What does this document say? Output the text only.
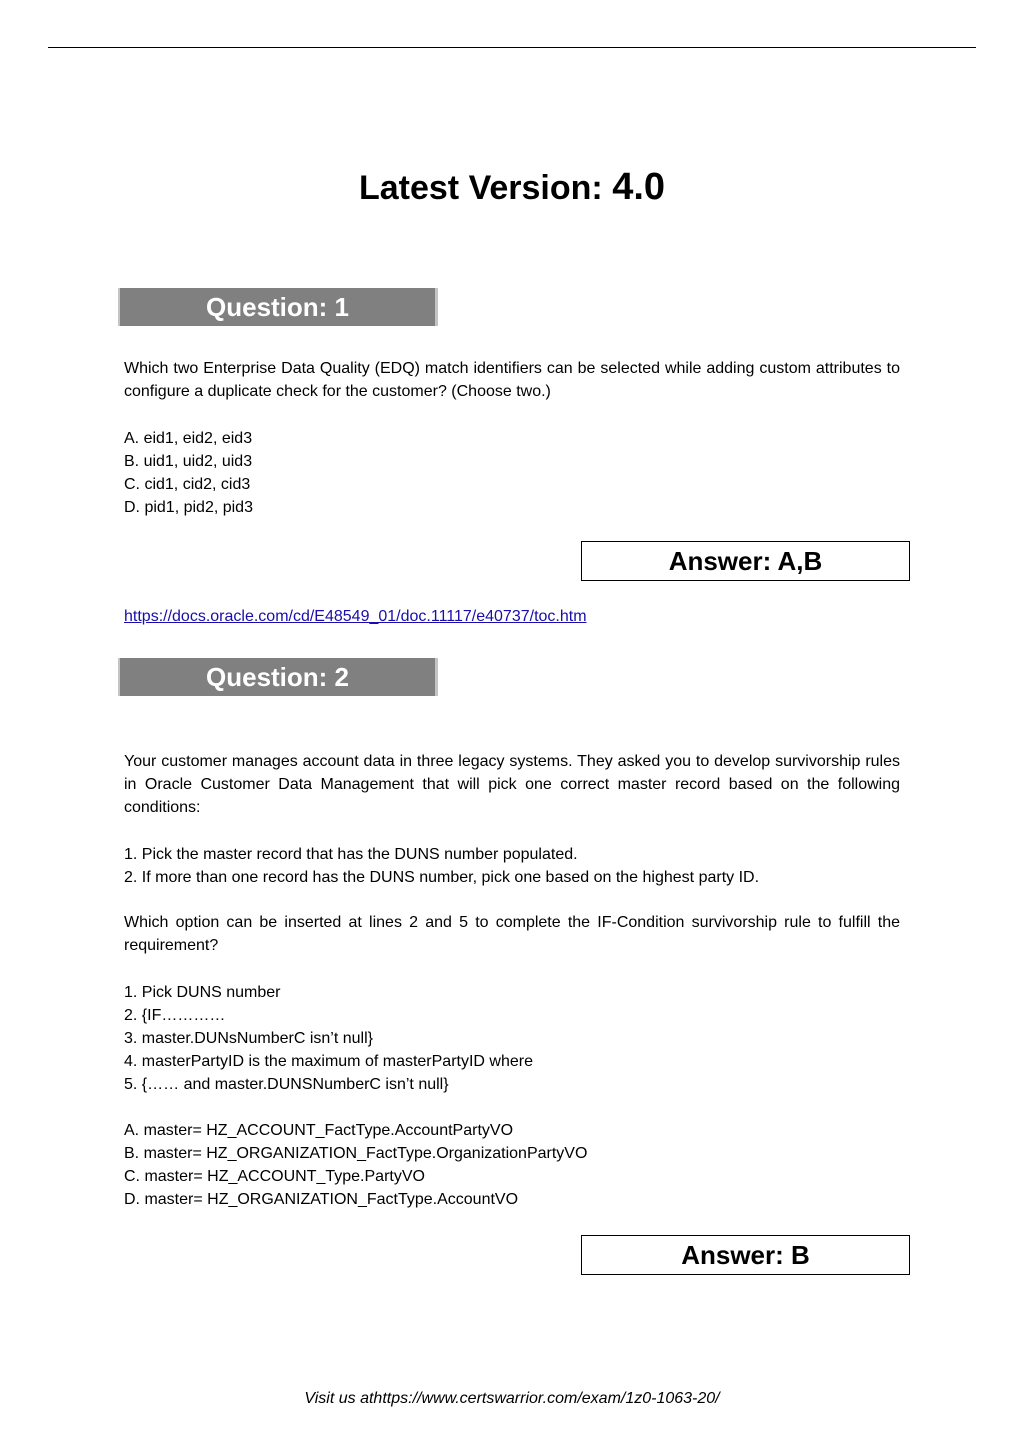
Latest Version: 4.0
Question: 1
Which two Enterprise Data Quality (EDQ) match identifiers can be selected while adding custom attributes to configure a duplicate check for the customer? (Choose two.)
A. eid1, eid2, eid3
B. uid1, uid2, uid3
C. cid1, cid2, cid3
D. pid1, pid2, pid3
Answer: A,B
https://docs.oracle.com/cd/E48549_01/doc.11117/e40737/toc.htm
Question: 2
Your customer manages account data in three legacy systems. They asked you to develop survivorship rules in Oracle Customer Data Management that will pick one correct master record based on the following conditions:
1. Pick the master record that has the DUNS number populated.
2. If more than one record has the DUNS number, pick one based on the highest party ID.
Which option can be inserted at lines 2 and 5 to complete the IF-Condition survivorship rule to fulfill the requirement?
1. Pick DUNS number
2. {IF…………
3. master.DUNsNumberC isn’t null}
4. masterPartyID is the maximum of masterPartyID where
5. {…… and master.DUNSNumberC isn’t null}
A. master= HZ_ACCOUNT_FactType.AccountPartyVO
B. master= HZ_ORGANIZATION_FactType.OrganizationPartyVO
C. master= HZ_ACCOUNT_Type.PartyVO
D. master= HZ_ORGANIZATION_FactType.AccountVO
Answer: B
Visit us athttps://www.certswarrior.com/exam/1z0-1063-20/
